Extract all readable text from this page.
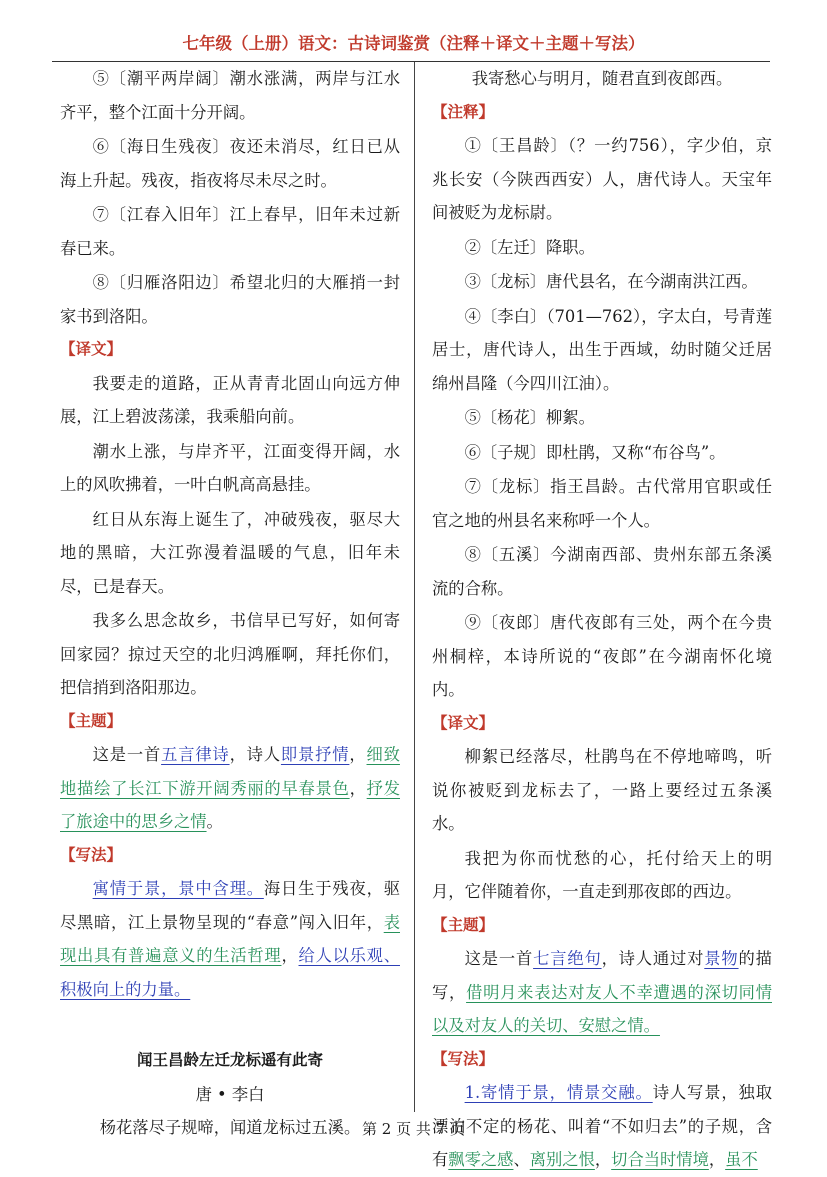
七年级（上册）语文：古诗词鉴赏（注释＋译文＋主题＋写法）

⑤〔潮平两岸阔〕潮水涨满，两岸与江水齐平，整个江面十分开阔。

⑥〔海日生残夜〕夜还未消尽，红日已从海上升起。残夜，指夜将尽未尽之时。

⑦〔江春入旧年〕江上春早，旧年未过新春已来。

⑧〔归雁洛阳边〕希望北归的大雁捎一封家书到洛阳。

【译文】

我要走的道路，正从青青北固山向远方伸展，江上碧波荡漾，我乘船向前。

潮水上涨，与岸齐平，江面变得开阔，水上的风吹拂着，一叶白帆高高悬挂。

红日从东海上诞生了，冲破残夜，驱尽大地的黑暗，大江弥漫着温暖的气息，旧年未尽，已是春天。

我多么思念故乡，书信早已写好，如何寄回家园？掠过天空的北归鸿雁啊，拜托你们，把信捎到洛阳那边。

【主题】

这是一首五言律诗，诗人即景抒情，细致地描绘了长江下游开阔秀丽的早春景色，抒发了旅途中的思乡之情。

【写法】

寓情于景，景中含理。海日生于残夜，驱尽黑暗，江上景物呈现的“春意”闯入旧年，表现出具有普遍意义的生活哲理，给人以乐观、积极向上的力量。

闻王昌龄左迁龙标遥有此寄

唐 • 李白

杨花落尽子规啼，闻道龙标过五溪。

我寄愁心与明月，随君直到夜郎西。

【注释】

①〔王昌龄〕（？一约756），字少伯，京兆长安（今陕西西安）人，唐代诗人。天宝年间被贬为龙标尉。

②〔左迁〕降职。

③〔龙标〕唐代县名，在今湖南洪江西。

④〔李白〕（701—762），字太白，号青莲居士，唐代诗人，出生于西域，幼时随父迁居绵州昌隆（今四川江油）。

⑤〔杨花〕柳絮。

⑥〔子规〕即杜鹃，又称“布谷鸟”。

⑦〔龙标〕指王昌龄。古代常用官职或任官之地的州县名来称呼一个人。

⑧〔五溪〕今湖南西部、贵州东部五条溪流的合称。

⑨〔夜郎〕唐代夜郎有三处，两个在今贵州桐梓，本诗所说的“夜郎”在今湖南怀化境内。

【译文】

柳絮已经落尽，杜鹃鸟在不停地啼鸣，听说你被贬到龙标去了，一路上要经过五条溪水。

我把为你而忧愁的心，托付给天上的明月，它伴随着你，一直走到那夜郎的西边。

【主题】

这是一首七言绝句，诗人通过对景物的描写，借明月来表达对友人不幸遭遇的深切同情以及对友人的关切、安慰之情。

【写法】

1.寄情于景，情景交融。诗人写景，独取漂泊不定的杨花、叫着“不如归去”的子规，含有飘零之感、离别之恨，切合当时情境，虽不

第 2 页 共 7 页
